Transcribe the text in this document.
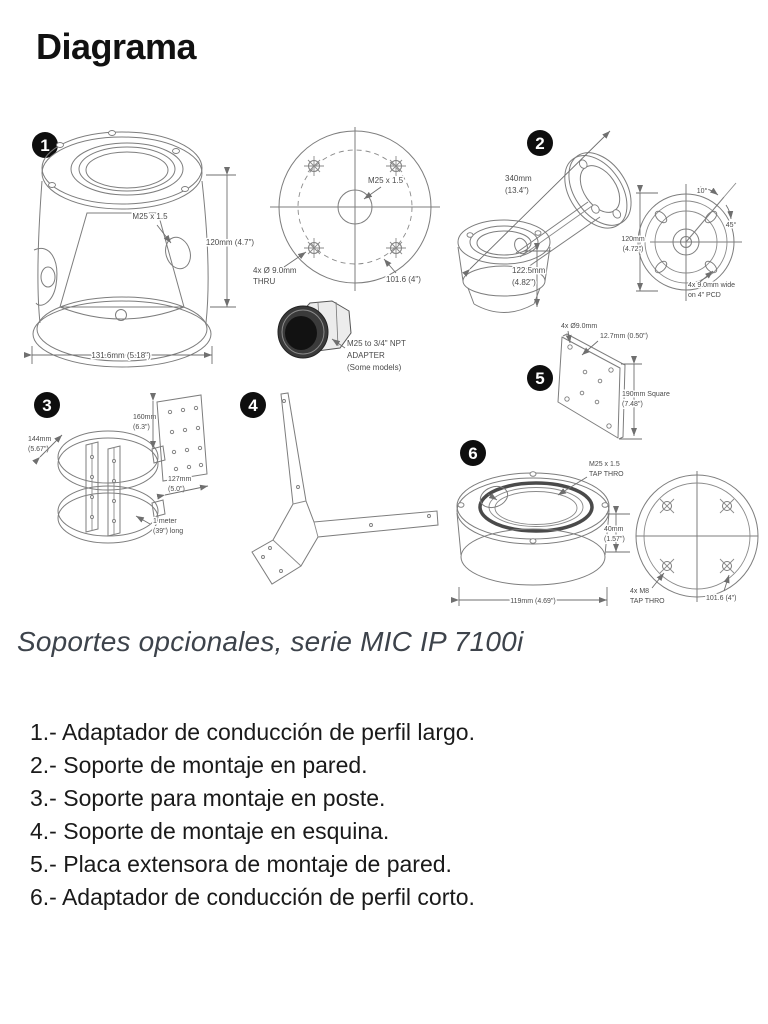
Diagrama
1
M25 x 1.5
120mm (4.7")
131.6mm (5.18")
M25 x 1.5
4x Ø 9.0mm
THRU	101.6 (4")
M25 to 3/4" NPT
ADAPTER
(Some models)
2
340mm
(13.4")
122.5mm
(4.82")
10°
45°
120mm
(4.72")
4x 9.0mm wide
on 4" PCD
3
144mm
(5.67")
160mm
(6.3")
127mm
(5.0")
1 meter
(39") long
4
5
4x Ø9.0mm
12.7mm (0.50")
190mm Square
(7.48")
6
M25 x 1.5
TAP THRO
40mm
(1.57")
119mm (4.69")
4x M8
TAP THRO	101.6 (4")
Soportes opcionales, serie MIC IP 7100i
1.- Adaptador de conducción de perfil largo.
2.- Soporte de montaje en pared.
3.- Soporte para montaje en poste.
4.- Soporte de montaje en esquina.
5.- Placa extensora de montaje de pared.
6.- Adaptador de conducción de perfil corto.
